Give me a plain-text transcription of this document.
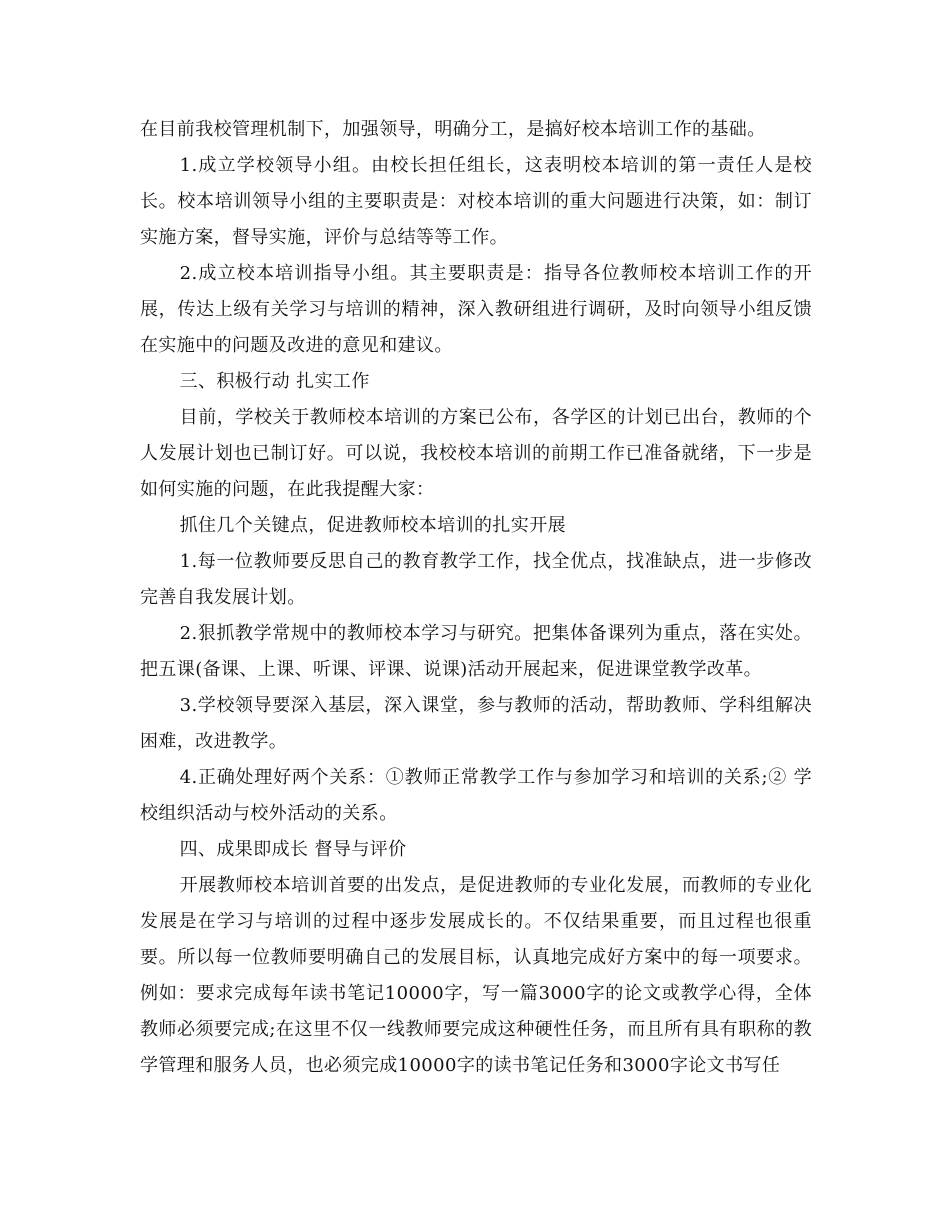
在目前我校管理机制下，加强领导，明确分工，是搞好校本培训工作的基础。

1.成立学校领导小组。由校长担任组长，这表明校本培训的第一责任人是校长。校本培训领导小组的主要职责是：对校本培训的重大问题进行决策，如：制订实施方案，督导实施，评价与总结等等工作。

2.成立校本培训指导小组。其主要职责是：指导各位教师校本培训工作的开展，传达上级有关学习与培训的精神，深入教研组进行调研，及时向领导小组反馈在实施中的问题及改进的意见和建议。

三、积极行动 扎实工作

目前，学校关于教师校本培训的方案已公布，各学区的计划已出台，教师的个人发展计划也已制订好。可以说，我校校本培训的前期工作已准备就绪，下一步是如何实施的问题，在此我提醒大家：

抓住几个关键点，促进教师校本培训的扎实开展

1.每一位教师要反思自己的教育教学工作，找全优点，找准缺点，进一步修改完善自我发展计划。

2.狠抓教学常规中的教师校本学习与研究。把集体备课列为重点，落在实处。把五课(备课、上课、听课、评课、说课)活动开展起来，促进课堂教学改革。

3.学校领导要深入基层，深入课堂，参与教师的活动，帮助教师、学科组解决困难，改进教学。

4.正确处理好两个关系：①教师正常教学工作与参加学习和培训的关系;② 学校组织活动与校外活动的关系。

四、成果即成长 督导与评价

开展教师校本培训首要的出发点，是促进教师的专业化发展，而教师的专业化发展是在学习与培训的过程中逐步发展成长的。不仅结果重要，而且过程也很重要。所以每一位教师要明确自己的发展目标，认真地完成好方案中的每一项要求。例如：要求完成每年读书笔记10000字，写一篇3000字的论文或教学心得，全体教师必须要完成;在这里不仅一线教师要完成这种硬性任务，而且所有具有职称的教学管理和服务人员，也必须完成10000字的读书笔记任务和3000字论文书写任
